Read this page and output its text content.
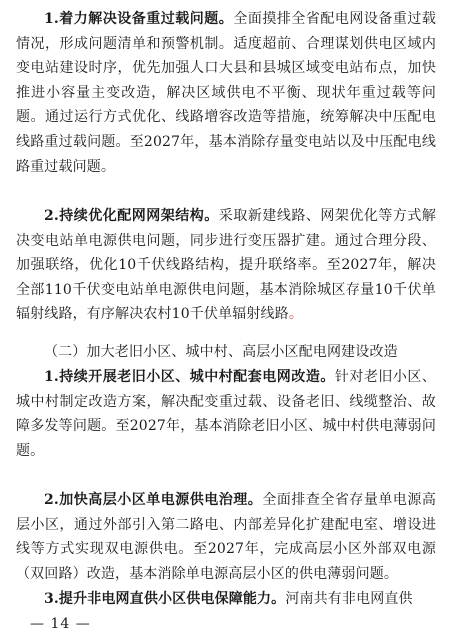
1.着力解决设备重过载问题。全面摸排全省配电网设备重过载情况，形成问题清单和预警机制。适度超前、合理谋划供电区域内变电站建设时序，优先加强人口大县和县城区域变电站布点，加快推进小容量主变改造，解决区域供电不平衡、现状年重过载等问题。通过运行方式优化、线路增容改造等措施，统筹解决中压配电线路重过载问题。至2027年，基本消除存量变电站以及中压配电线路重过载问题。

2.持续优化配网网架结构。采取新建线路、网架优化等方式解决变电站单电源供电问题，同步进行变压器扩建。通过合理分段、加强联络，优化10千伏线路结构，提升联络率。至2027年，解决全部110千伏变电站单电源供电问题，基本消除城区存量10千伏单辐射线路，有序解决农村10千伏单辐射线路。

（二）加大老旧小区、城中村、高层小区配电网建设改造

1.持续开展老旧小区、城中村配套电网改造。针对老旧小区、城中村制定改造方案，解决配变重过载、设备老旧、线缆整治、故障多发等问题。至2027年，基本消除老旧小区、城中村供电薄弱问题。

2.加快高层小区单电源供电治理。全面排查全省存量单电源高层小区，通过外部引入第二路电、内部差异化扩建配电室、增设进线等方式实现双电源供电。至2027年，完成高层小区外部双电源（双回路）改造，基本消除单电源高层小区的供电薄弱问题。

3.提升非电网直供小区供电保障能力。河南共有非电网直供

— 14 —
